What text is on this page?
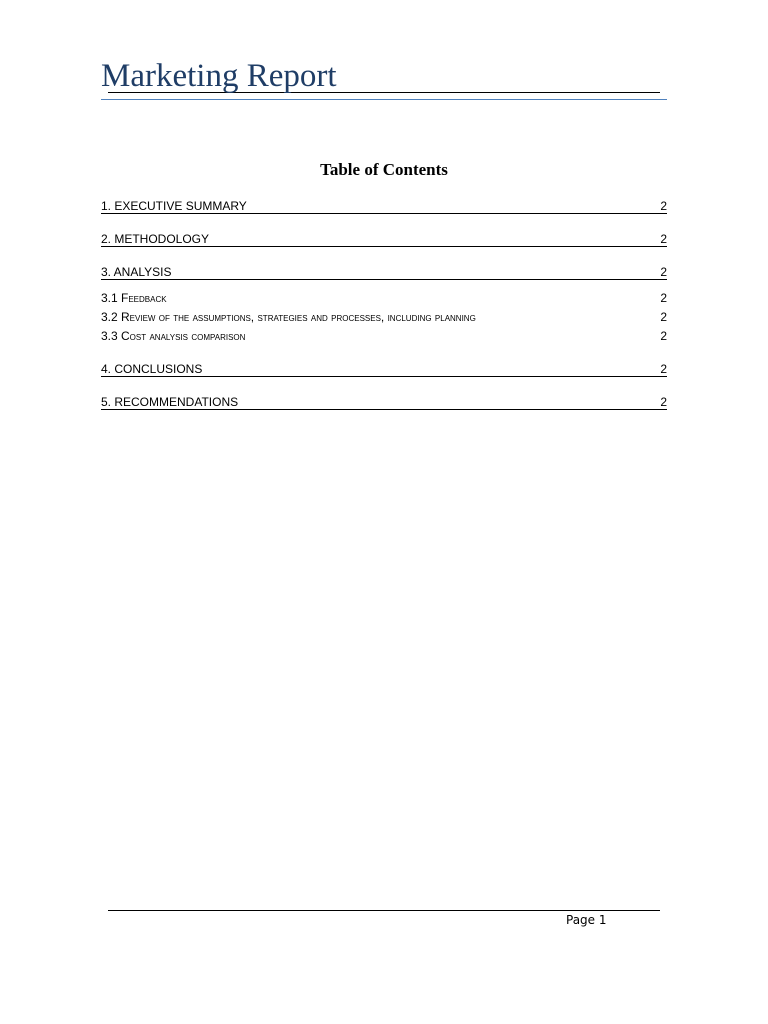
Marketing Report
Table of Contents
1. EXECUTIVE SUMMARY	2
2. METHODOLOGY	2
3. ANALYSIS	2
3.1 Feedback	2
3.2 Review of the assumptions, strategies and processes, including planning	2
3.3 Cost analysis comparison	2
4. CONCLUSIONS	2
5. RECOMMENDATIONS	2
Page 1
